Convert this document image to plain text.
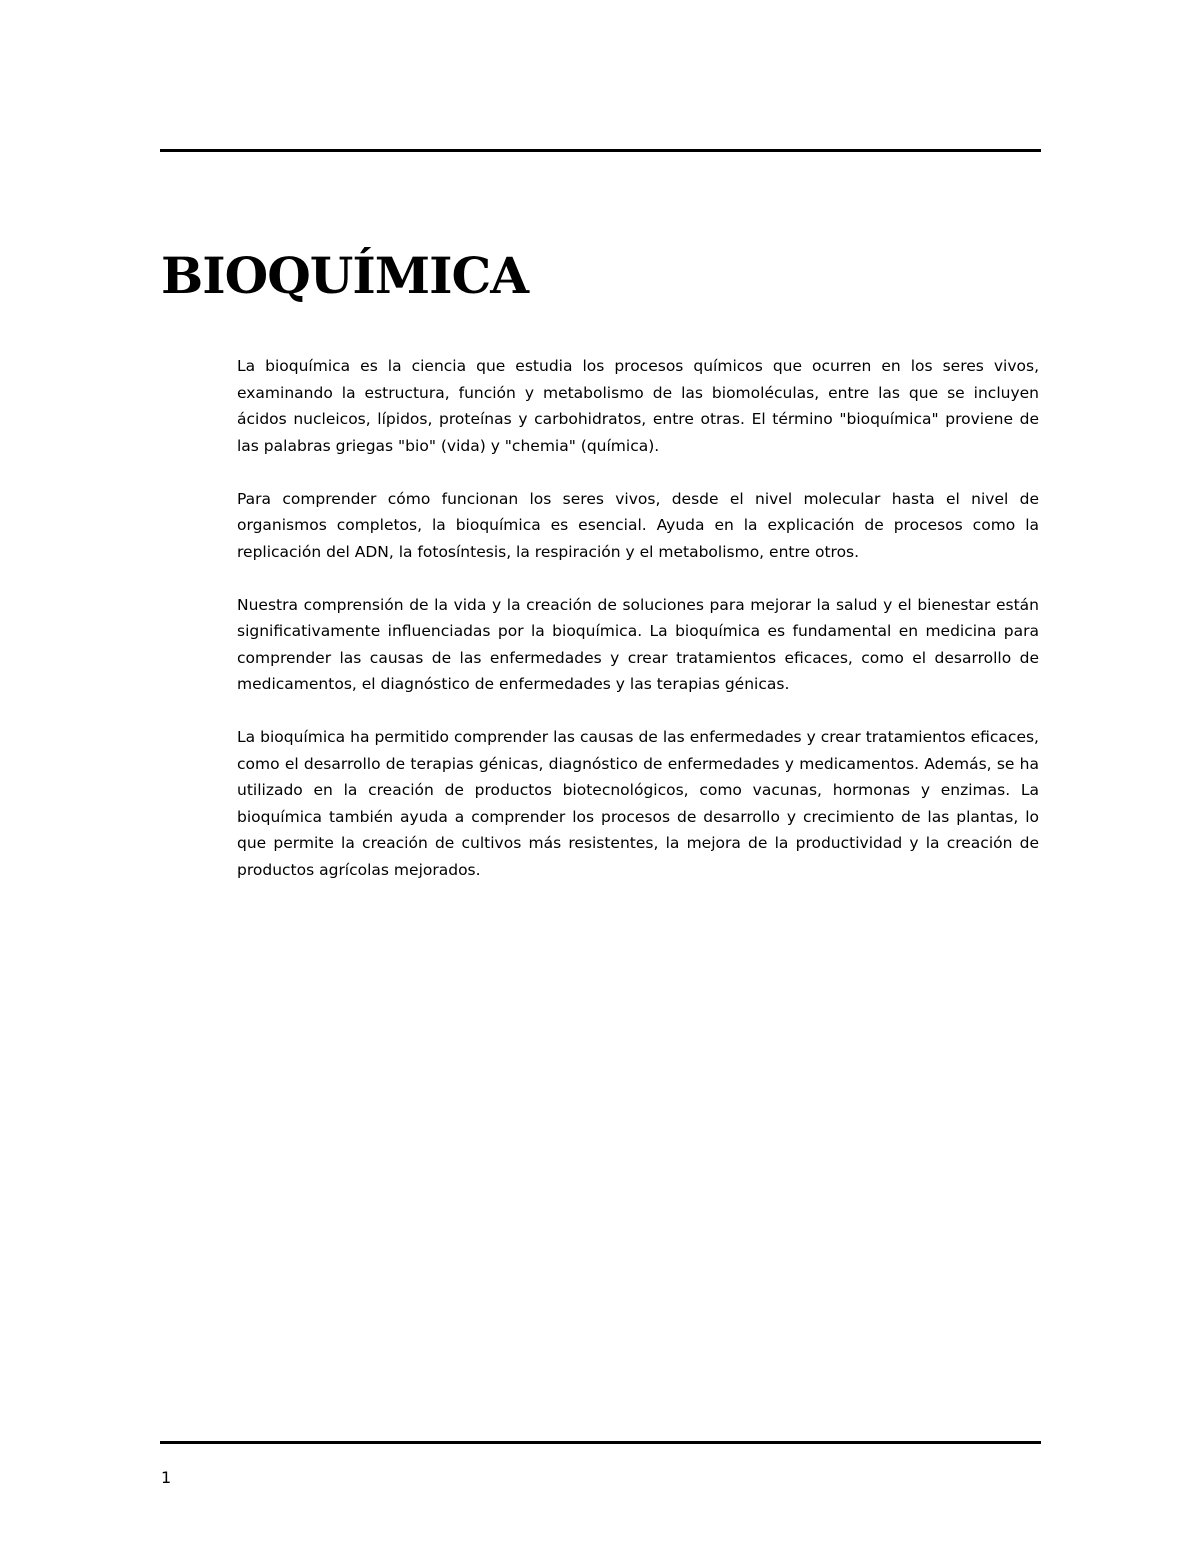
BIOQUÍMICA

La bioquímica es la ciencia que estudia los procesos químicos que ocurren en los seres vivos, examinando la estructura, función y metabolismo de las biomoléculas, entre las que se incluyen ácidos nucleicos, lípidos, proteínas y carbohidratos, entre otras. El término "bioquímica" proviene de las palabras griegas "bio" (vida) y "chemia" (química).

Para comprender cómo funcionan los seres vivos, desde el nivel molecular hasta el nivel de organismos completos, la bioquímica es esencial. Ayuda en la explicación de procesos como la replicación del ADN, la fotosíntesis, la respiración y el metabolismo, entre otros.

Nuestra comprensión de la vida y la creación de soluciones para mejorar la salud y el bienestar están significativamente influenciadas por la bioquímica. La bioquímica es fundamental en medicina para comprender las causas de las enfermedades y crear tratamientos eficaces, como el desarrollo de medicamentos, el diagnóstico de enfermedades y las terapias génicas.

La bioquímica ha permitido comprender las causas de las enfermedades y crear tratamientos eficaces, como el desarrollo de terapias génicas, diagnóstico de enfermedades y medicamentos. Además, se ha utilizado en la creación de productos biotecnológicos, como vacunas, hormonas y enzimas. La bioquímica también ayuda a comprender los procesos de desarrollo y crecimiento de las plantas, lo que permite la creación de cultivos más resistentes, la mejora de la productividad y la creación de productos agrícolas mejorados.

1
